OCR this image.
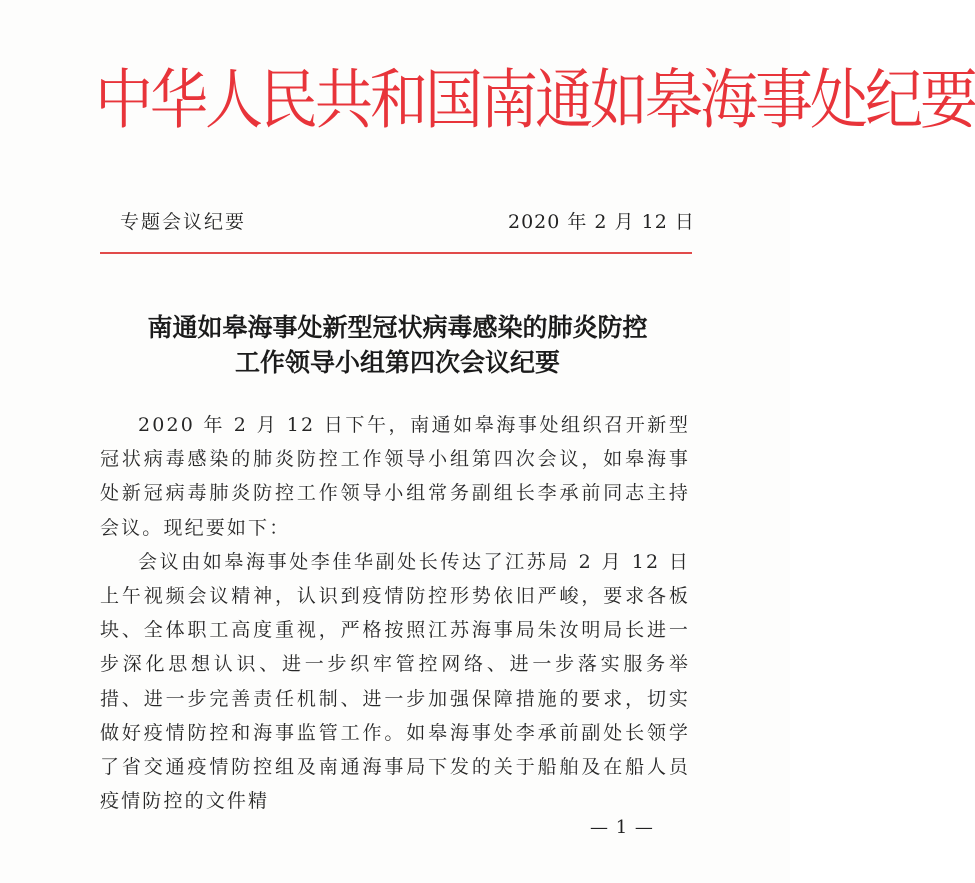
中华人民共和国南通如皋海事处纪要
专题会议纪要	2020 年 2 月 12 日
南通如皋海事处新型冠状病毒感染的肺炎防控
工作领导小组第四次会议纪要

2020 年 2 月 12 日下午，南通如皋海事处组织召开新型冠状病毒感染的肺炎防控工作领导小组第四次会议，如皋海事处新冠病毒肺炎防控工作领导小组常务副组长李承前同志主持会议。现纪要如下：

会议由如皋海事处李佳华副处长传达了江苏局 2 月 12 日上午视频会议精神，认识到疫情防控形势依旧严峻，要求各板块、全体职工高度重视，严格按照江苏海事局朱汝明局长进一步深化思想认识、进一步织牢管控网络、进一步落实服务举措、进一步完善责任机制、进一步加强保障措施的要求，切实做好疫情防控和海事监管工作。如皋海事处李承前副处长领学了省交通疫情防控组及南通海事局下发的关于船舶及在船人员疫情防控的文件精

— 1 —
